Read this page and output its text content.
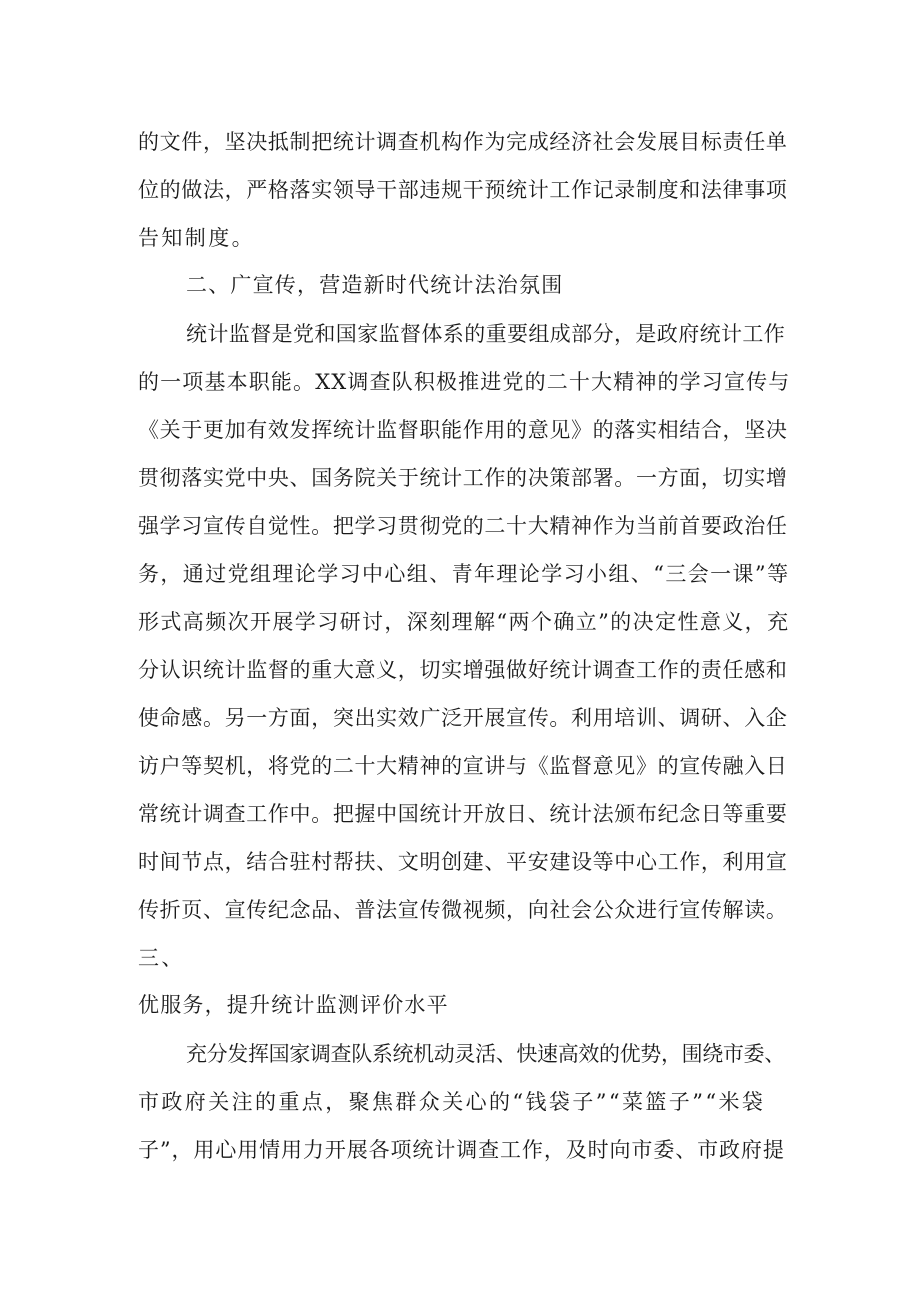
的文件，坚决抵制把统计调查机构作为完成经济社会发展目标责任单
位的做法，严格落实领导干部违规干预统计工作记录制度和法律事项
告知制度。
二、广宣传，营造新时代统计法治氛围
统计监督是党和国家监督体系的重要组成部分，是政府统计工作
的一项基本职能。XX调查队积极推进党的二十大精神的学习宣传与
《关于更加有效发挥统计监督职能作用的意见》的落实相结合，坚决
贯彻落实党中央、国务院关于统计工作的决策部署。一方面，切实增
强学习宣传自觉性。把学习贯彻党的二十大精神作为当前首要政治任
务，通过党组理论学习中心组、青年理论学习小组、“三会一课”等
形式高频次开展学习研讨，深刻理解“两个确立”的决定性意义，充
分认识统计监督的重大意义，切实增强做好统计调查工作的责任感和
使命感。另一方面，突出实效广泛开展宣传。利用培训、调研、入企
访户等契机，将党的二十大精神的宣讲与《监督意见》的宣传融入日
常统计调查工作中。把握中国统计开放日、统计法颁布纪念日等重要
时间节点，结合驻村帮扶、文明创建、平安建设等中心工作，利用宣
传折页、宣传纪念品、普法宣传微视频，向社会公众进行宣传解读。
三、
优服务，提升统计监测评价水平
充分发挥国家调查队系统机动灵活、快速高效的优势，围绕市委、
市政府关注的重点，聚焦群众关心的“钱袋子”“菜篮子”“米袋
子”，用心用情用力开展各项统计调查工作，及时向市委、市政府提
